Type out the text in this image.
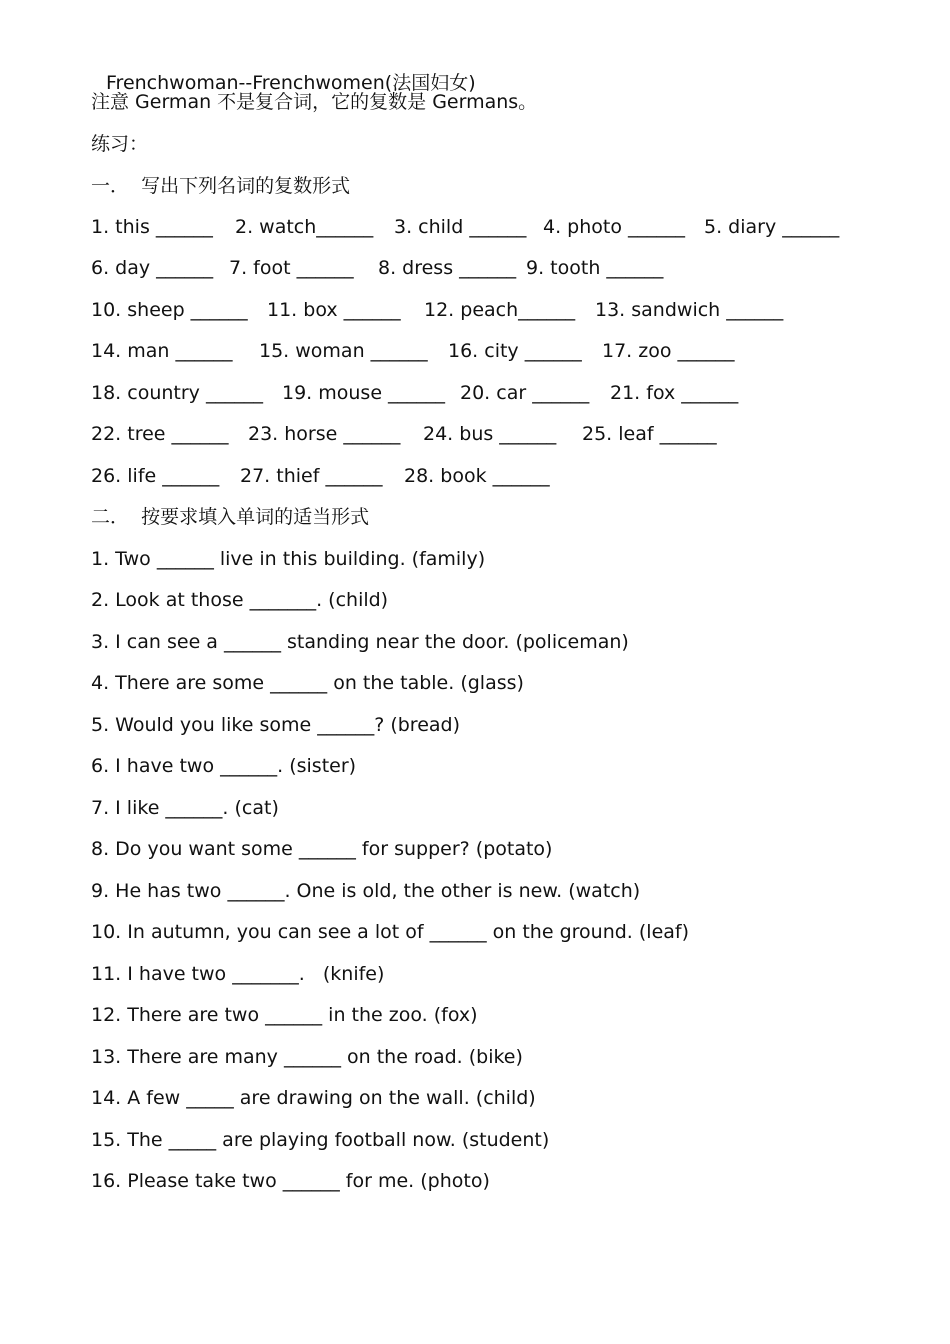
Frenchwoman--Frenchwomen(法国妇女)
注意 German 不是复合词，它的复数是 Germans。
练习：
一．  写出下列名词的复数形式
1. this ______ 2. watch______ 3. child ______ 4. photo ______ 5. diary ______
6. day ______ 7. foot ______ 8. dress ______ 9. tooth ______
10. sheep ______ 11. box ______ 12. peach______ 13. sandwich ______
14. man ______ 15. woman ______ 16. city ______ 17. zoo ______
18. country ______ 19. mouse ______ 20. car ______ 21. fox ______
22. tree ______ 23. horse ______ 24. bus ______ 25. leaf ______
26. life ______ 27. thief ______ 28. book ______
二．  按要求填入单词的适当形式
1. Two ______ live in this building. (family)
2. Look at those _______. (child)
3. I can see a ______ standing near the door. (policeman)
4. There are some ______ on the table. (glass)
5. Would you like some ______? (bread)
6. I have two ______. (sister)
7. I like ______. (cat)
8. Do you want some ______ for supper? (potato)
9. He has two ______. One is old, the other is new. (watch)
10. In autumn, you can see a lot of ______ on the ground. (leaf)
11. I have two _______.   (knife)
12. There are two ______ in the zoo. (fox)
13. There are many ______ on the road. (bike)
14. A few _____ are drawing on the wall. (child)
15. The _____ are playing football now. (student)
16. Please take two ______ for me. (photo)
